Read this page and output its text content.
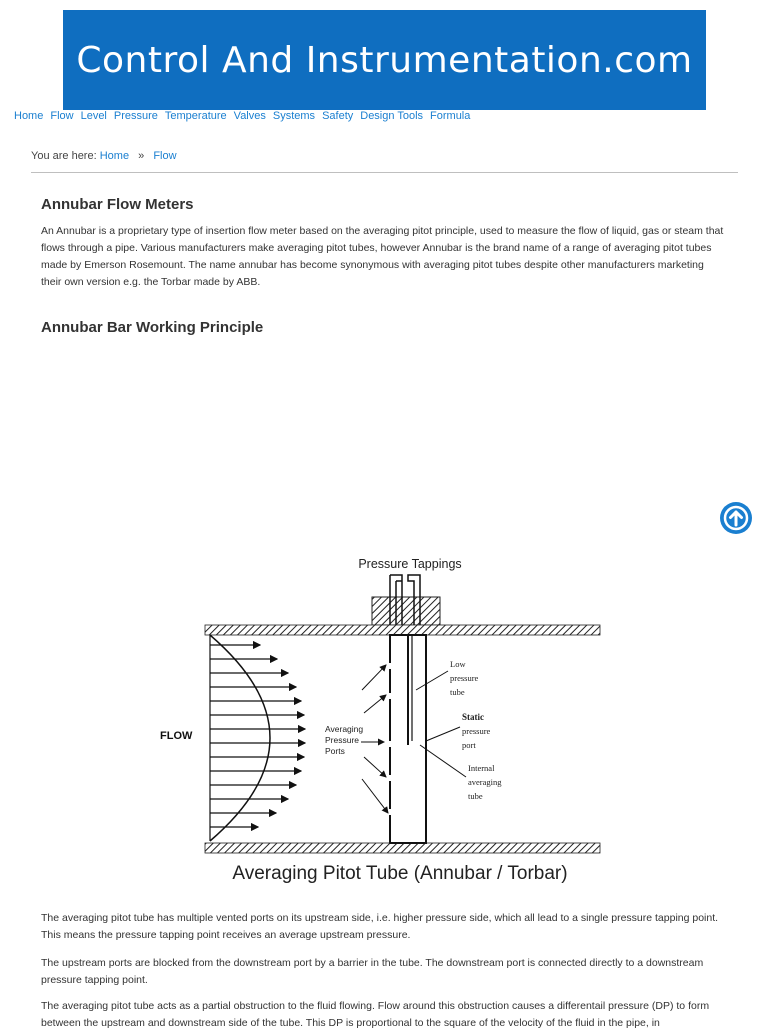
Control And Instrumentation.com
Home Flow Level Pressure Temperature Valves Systems Safety Design Tools Formula
You are here: Home » Flow
Annubar Flow Meters

An Annubar is a proprietary type of insertion flow meter based on the averaging pitot principle, used to measure the flow of liquid, gas or steam that flows through a pipe. Various manufacturers make averaging pitot tubes, however Annubar is the brand name of a range of averaging pitot tubes made by Emerson Rosemount. The name annubar has become synonymous with averaging pitot tubes despite other manufacturers marketing their own version e.g. the Torbar made by ABB.

Annubar Bar Working Principle
Pressure Tappings
FLOW
Averaging
Pressure
Ports
Low
pressure
tube
Static
pressure
port
Internal
averaging
tube
Averaging Pitot Tube (Annubar / Torbar)

The averaging pitot tube has multiple vented ports on its upstream side, i.e. higher pressure side, which all lead to a single pressure tapping point. This means the pressure tapping point receives an average upstream pressure.

The upstream ports are blocked from the downstream port by a barrier in the tube. The downstream port is connected directly to a downstream pressure tapping point.

The averaging pitot tube acts as a partial obstruction to the fluid flowing. Flow around this obstruction causes a differentail pressure (DP) to form between the upstream and downstream side of the tube. This DP is proportional to the square of the velocity of the fluid in the pipe, in
